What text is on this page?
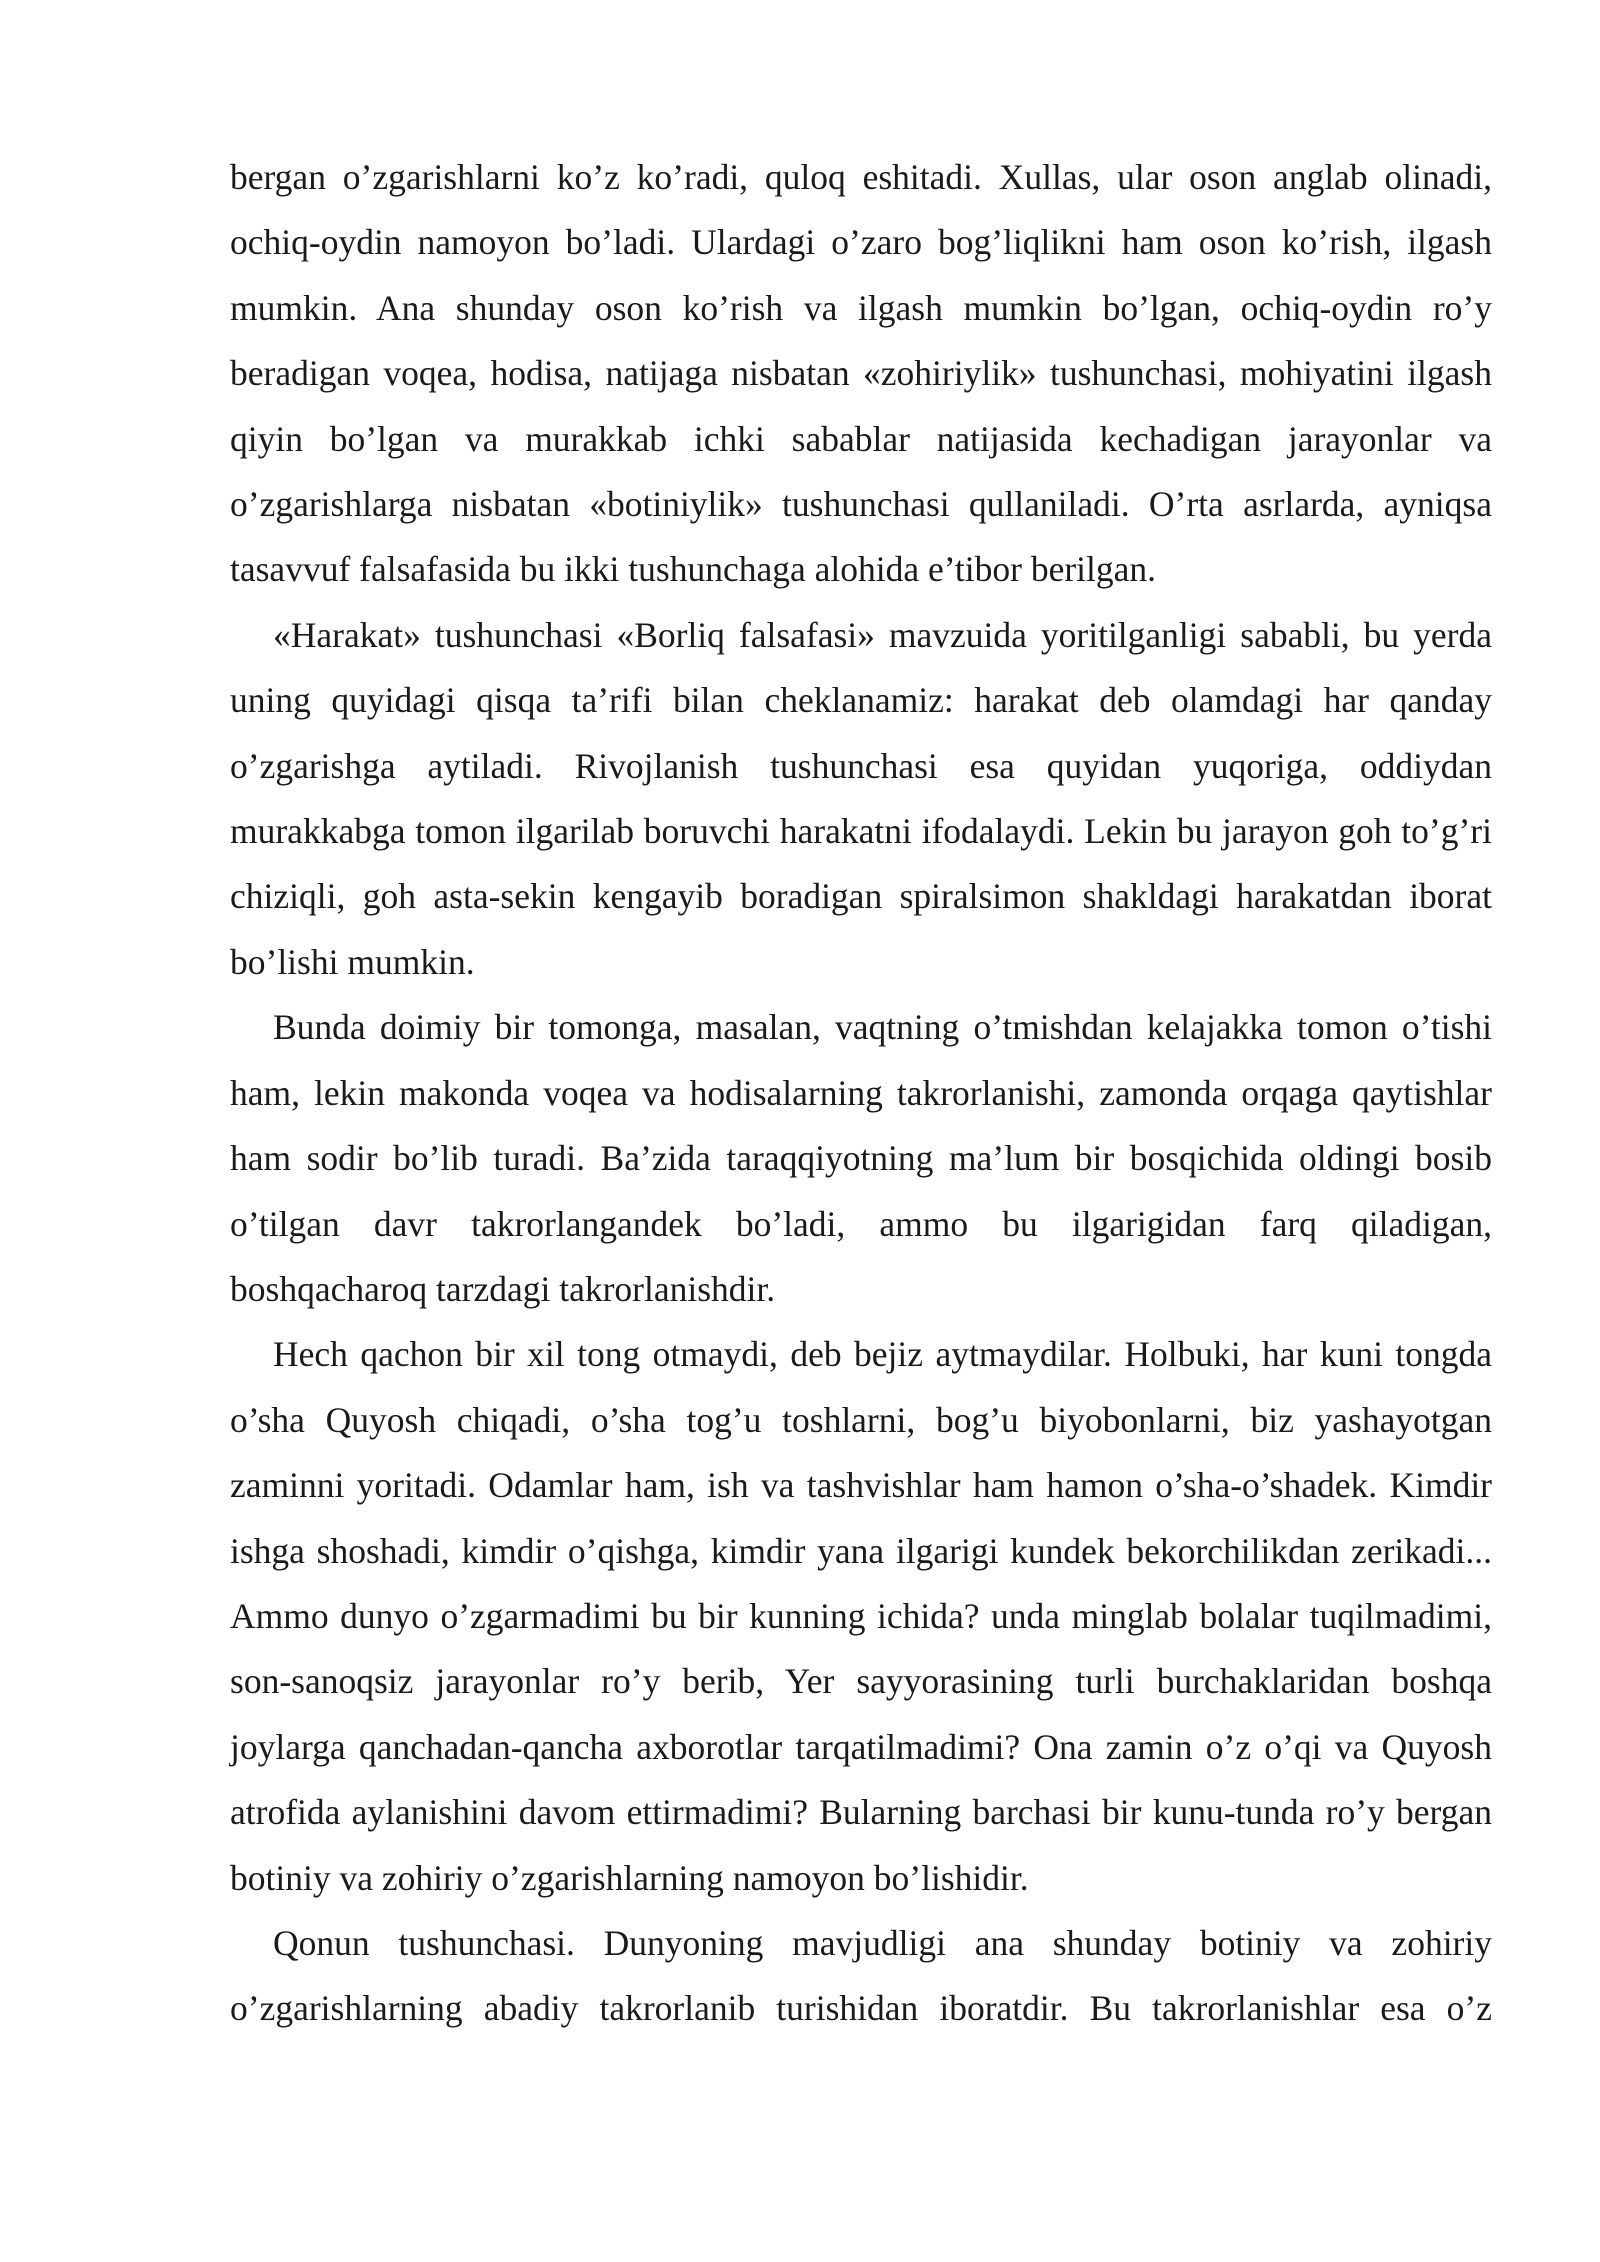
bergan o’zgarishlarni ko’z ko’radi, quloq eshitadi. Xullas, ular oson anglab olinadi, ochiq-oydin namoyon bo’ladi. Ulardagi o’zaro bog’liqlikni ham oson ko’rish, ilgash mumkin. Ana shunday oson ko’rish va ilgash mumkin bo’lgan, ochiq-oydin ro’y beradigan voqea, hodisa, natijaga nisbatan «zohiriylik» tushunchasi, mohiyatini ilgash qiyin bo’lgan va murakkab ichki sabablar natijasida kechadigan jarayonlar va o’zgarishlarga nisbatan «botiniylik» tushunchasi qullaniladi. O’rta asrlarda, ayniqsa tasavvuf falsafasida bu ikki tushunchaga alohida e’tibor berilgan.

«Harakat» tushunchasi «Borliq falsafasi» mavzuida yoritilganligi sababli, bu yerda uning quyidagi qisqa ta’rifi bilan cheklanamiz: harakat deb olamdagi har qanday o’zgarishga aytiladi. Rivojlanish tushunchasi esa quyidan yuqoriga, oddiydan murakkabga tomon ilgarilab boruvchi harakatni ifodalaydi. Lekin bu jarayon goh to’g’ri chiziqli, goh asta-sekin kengayib boradigan spiralsimon shakldagi harakatdan iborat bo’lishi mumkin.

Bunda doimiy bir tomonga, masalan, vaqtning o’tmishdan kelajakka tomon o’tishi ham, lekin makonda voqea va hodisalarning takrorlanishi, zamonda orqaga qaytishlar ham sodir bo’lib turadi. Ba’zida taraqqiyotning ma’lum bir bosqichida oldingi bosib o’tilgan davr takrorlangandek bo’ladi, ammo bu ilgarigidan farq qiladigan, boshqacharoq tarzdagi takrorlanishdir.

Hech qachon bir xil tong otmaydi, deb bejiz aytmaydilar. Holbuki, har kuni tongda o’sha Quyosh chiqadi, o’sha tog’u toshlarni, bog’u biyobonlarni, biz yashayotgan zaminni yoritadi. Odamlar ham, ish va tashvishlar ham hamon o’sha-o’shadek. Kimdir ishga shoshadi, kimdir o’qishga, kimdir yana ilgarigi kundek bekorchilikdan zerikadi... Ammo dunyo o’zgarmadimi bu bir kunning ichida? unda minglab bolalar tuqilmadimi, son-sanoqsiz jarayonlar ro’y berib, Yer sayyorasining turli burchaklaridan boshqa joylarga qanchadan-qancha axborotlar tarqatilmadimi? Ona zamin o’z o’qi va Quyosh atrofida aylanishini davom ettirmadimi? Bularning barchasi bir kunu-tunda ro’y bergan botiniy va zohiriy o’zgarishlarning namoyon bo’lishidir.

Qonun tushunchasi. Dunyoning mavjudligi ana shunday botiniy va zohiriy o’zgarishlarning abadiy takrorlanib turishidan iboratdir. Bu takrorlanishlar esa o’z
